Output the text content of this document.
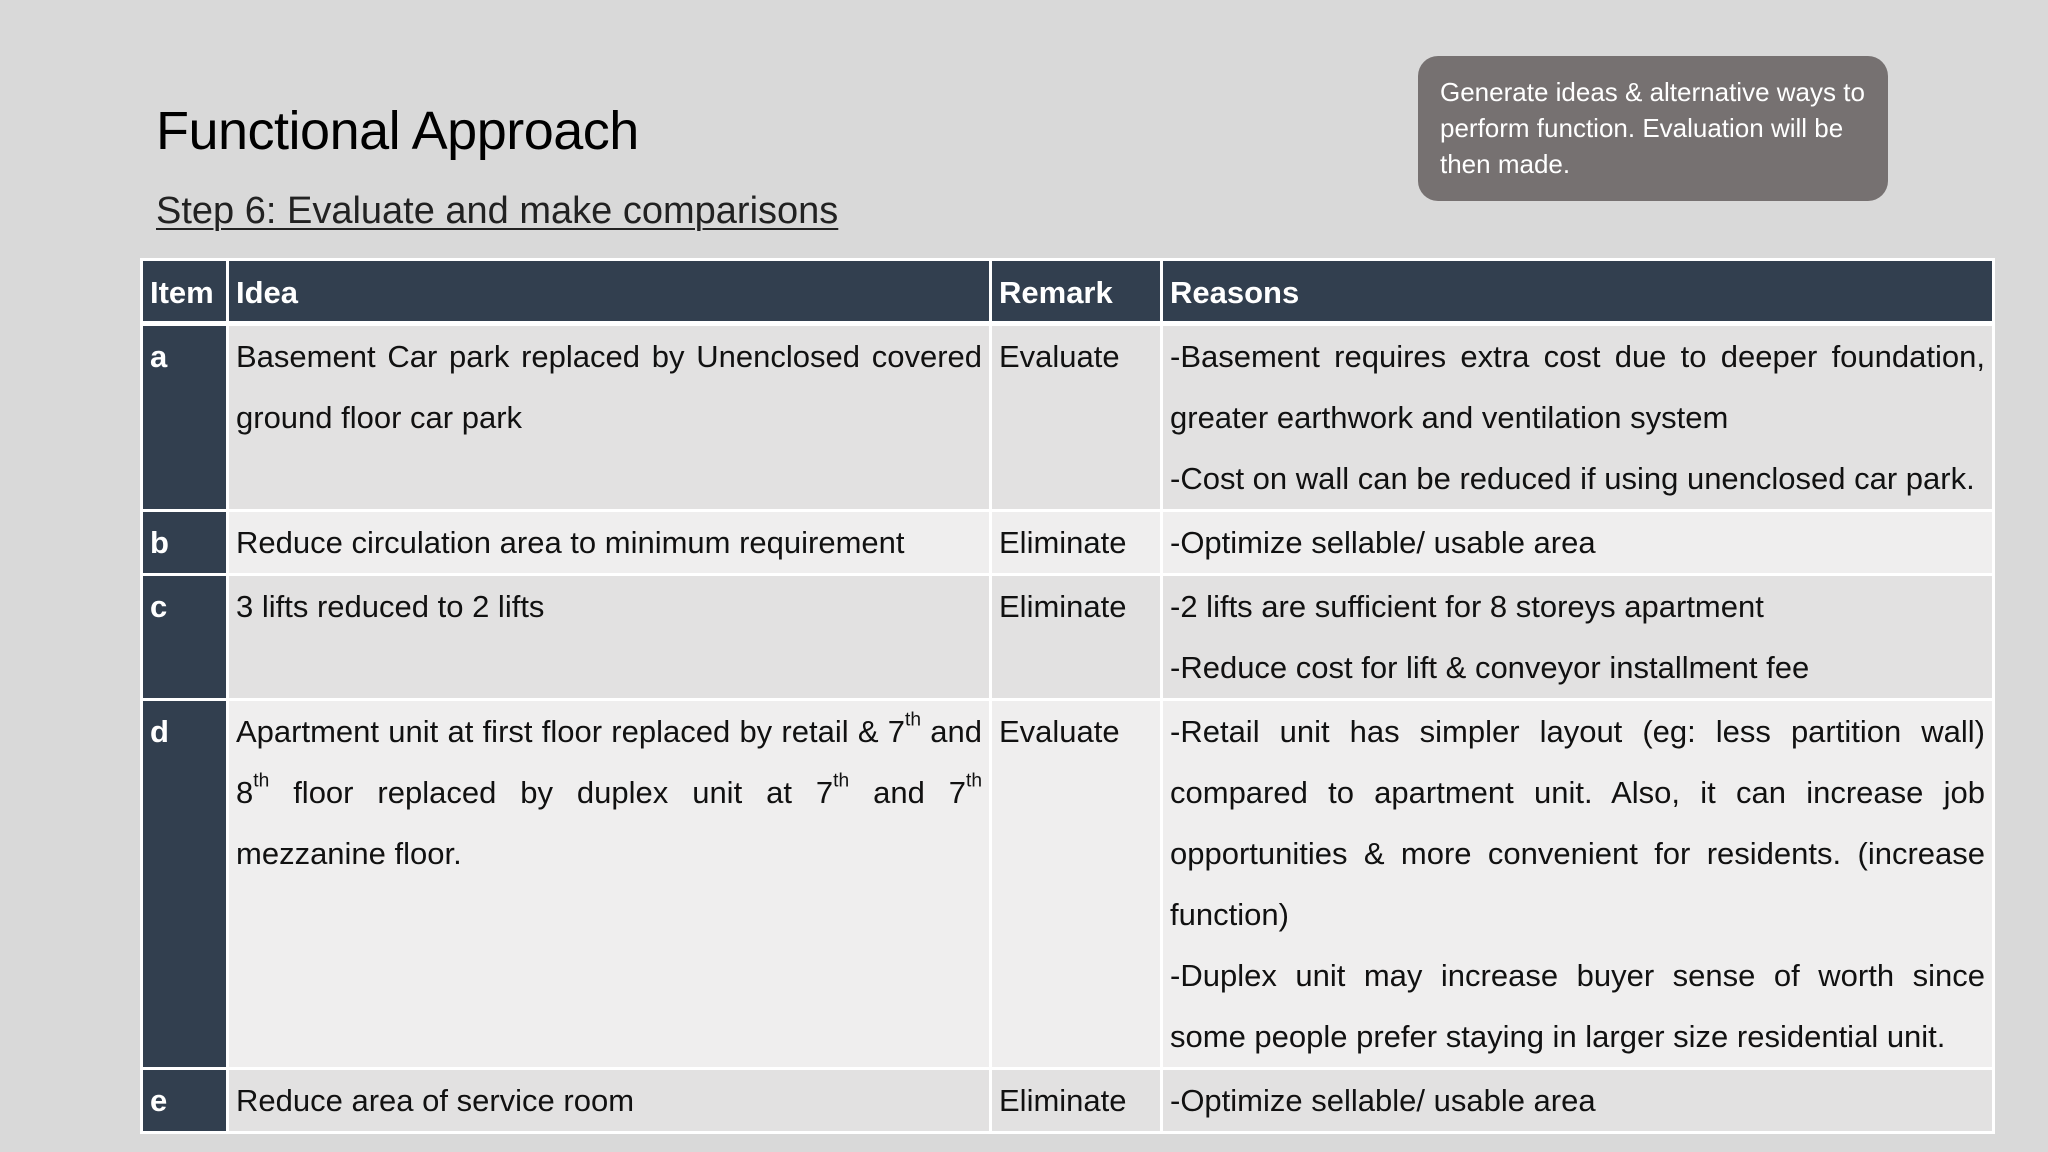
Functional Approach
Step 6: Evaluate and make comparisons
Generate ideas & alternative ways to perform function. Evaluation will be then made.
Item	Idea	Remark	Reasons
a	Basement Car park replaced by Unenclosed covered ground floor car park	Evaluate	-Basement requires extra cost due to deeper foundation, greater earthwork and ventilation system
-Cost on wall can be reduced if using unenclosed car park.

b	Reduce circulation area to minimum requirement	Eliminate	-Optimize sellable/ usable area

c	3 lifts reduced to 2 lifts	Eliminate	-2 lifts are sufficient for 8 storeys apartment
-Reduce cost for lift & conveyor installment fee

d	Apartment unit at first floor replaced by retail & 7th and 8th floor replaced by duplex unit at 7th and 7th mezzanine floor.	Evaluate	-Retail unit has simpler layout (eg: less partition wall) compared to apartment unit. Also, it can increase job opportunities & more convenient for residents. (increase function)
-Duplex unit may increase buyer sense of worth since some people prefer staying in larger size residential unit.

e	Reduce area of service room	Eliminate	-Optimize sellable/ usable area
